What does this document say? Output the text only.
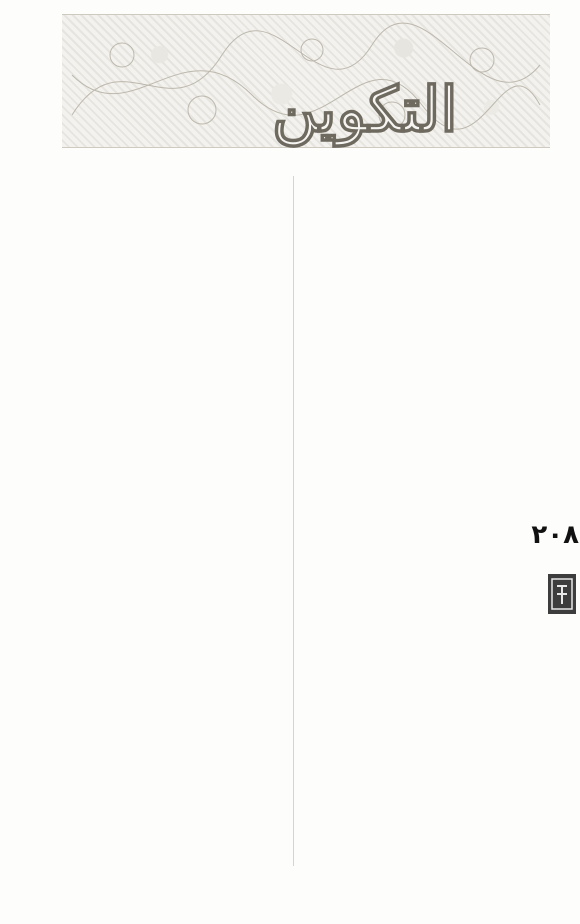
التكوين
٢٠٨
